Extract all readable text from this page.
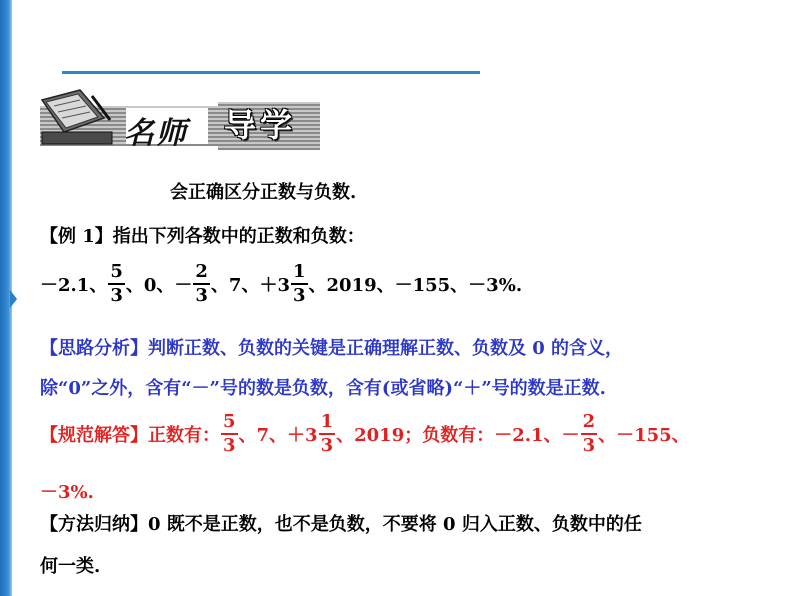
名师 导学
会正确区分正数与负数.
【例 1】指出下列各数中的正数和负数：
－2.1、 $\frac{5}{3}$ 、0、－ $\frac{2}{3}$ 、7、$+3 \frac{1}{3}$ 、2019、－155、－3%.
【思路分析】判断正数、负数的关键是正确理解正数、负数及 0 的含义，
除“0”之外，含有“－”号的数是负数，含有(或省略)“＋”号的数是正数.
【规范解答】 正数有： $\frac{5}{3}$ 、7、$+3 \frac{1}{3}$ 、2019； 负数有： －2.1、－ $\frac{2}{3}$ 、－155、
－3%.
【方法归纳】0 既不是正数，也不是负数，不要将 0 归入正数、负数中的任
何一类.
